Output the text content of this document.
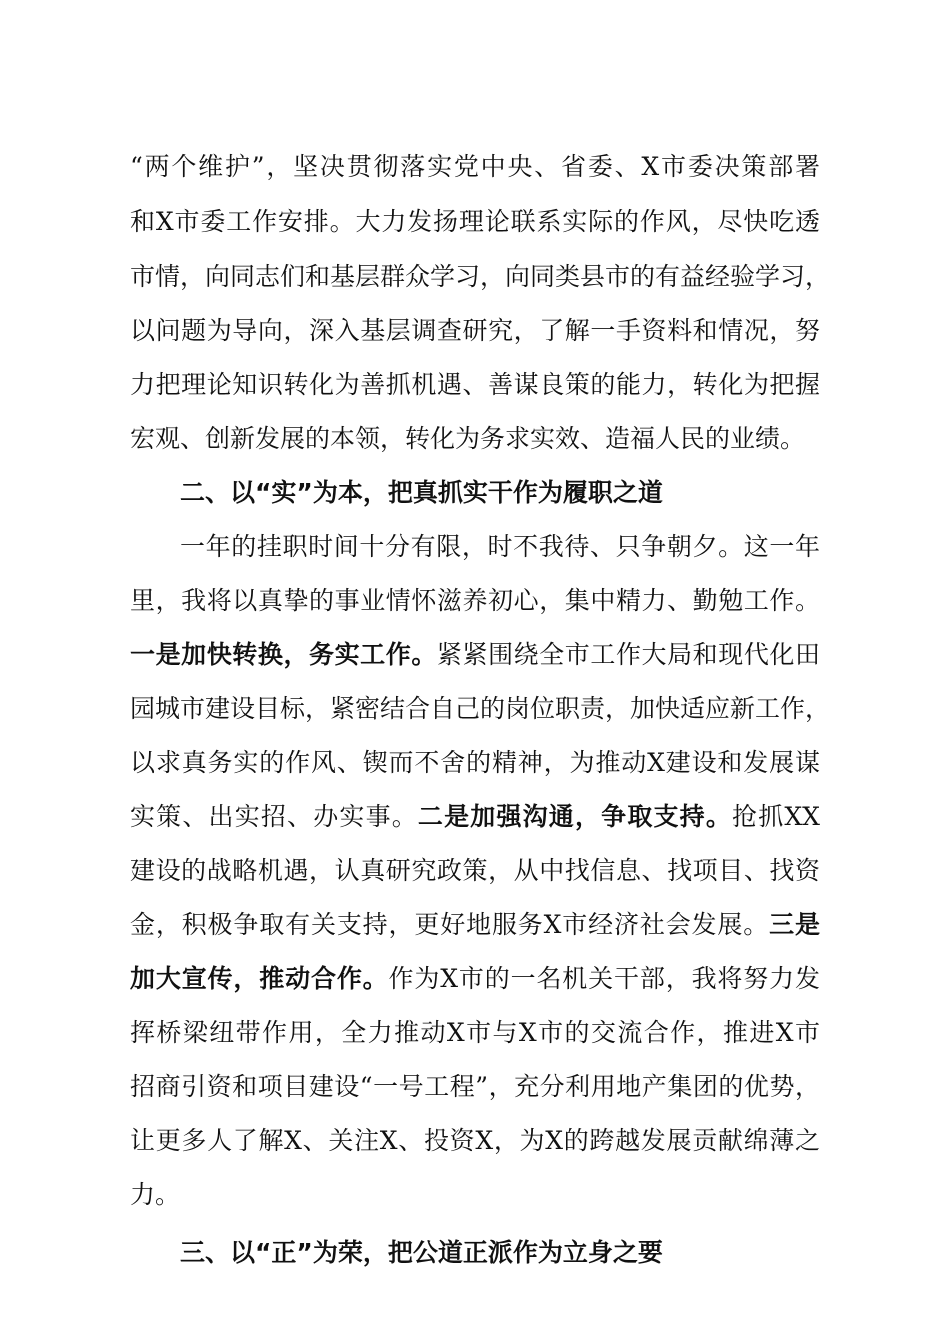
“两个维护”，坚决贯彻落实党中央、省委、X市委决策部署
和X市委工作安排。大力发扬理论联系实际的作风，尽快吃透
市情，向同志们和基层群众学习，向同类县市的有益经验学习，
以问题为导向，深入基层调查研究，了解一手资料和情况，努
力把理论知识转化为善抓机遇、善谋良策的能力，转化为把握
宏观、创新发展的本领，转化为务求实效、造福人民的业绩。
二、以“实”为本，把真抓实干作为履职之道
一年的挂职时间十分有限，时不我待、只争朝夕。这一年
里，我将以真挚的事业情怀滋养初心，集中精力、勤勉工作。
一是加快转换，务实工作。紧紧围绕全市工作大局和现代化田
园城市建设目标，紧密结合自己的岗位职责，加快适应新工作，
以求真务实的作风、锲而不舍的精神，为推动X建设和发展谋
实策、出实招、办实事。二是加强沟通，争取支持。抢抓XX
建设的战略机遇，认真研究政策，从中找信息、找项目、找资
金，积极争取有关支持，更好地服务X市经济社会发展。三是
加大宣传，推动合作。作为X市的一名机关干部，我将努力发
挥桥梁纽带作用，全力推动X市与X市的交流合作，推进X市
招商引资和项目建设“一号工程”，充分利用地产集团的优势，
让更多人了解X、关注X、投资X，为X的跨越发展贡献绵薄之
力。
三、以“正”为荣，把公道正派作为立身之要
